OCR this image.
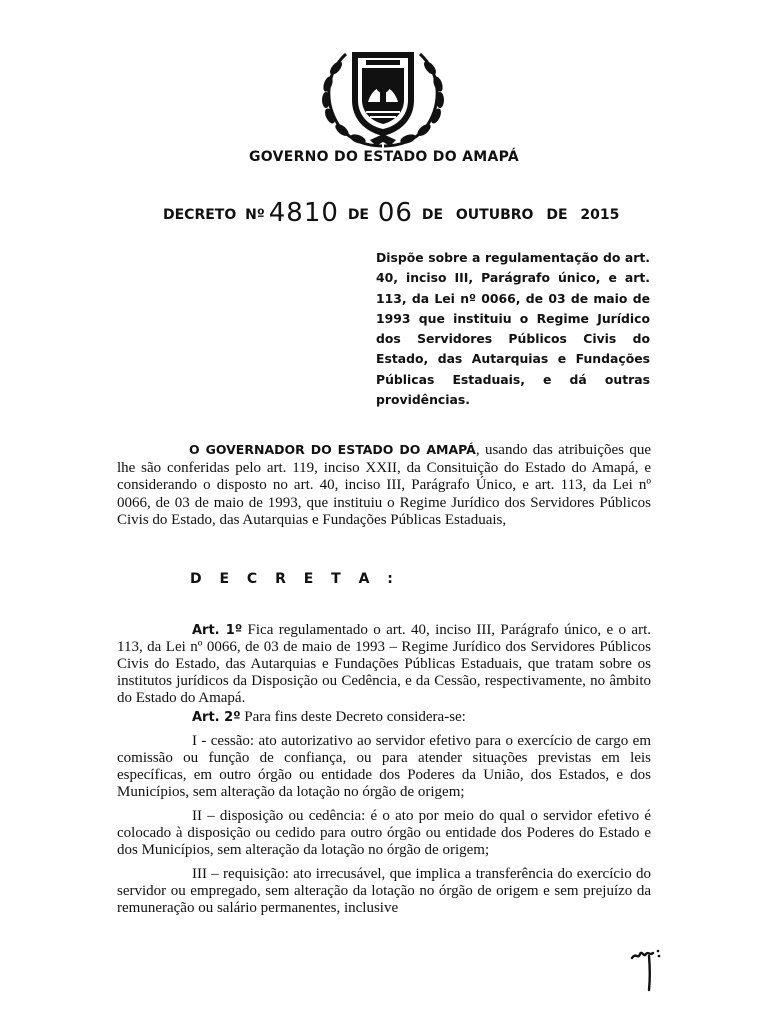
GOVERNO DO ESTADO DO AMAPÁ
DECRETO Nº 4810 DE 06 DE OUTUBRO DE 2015
Dispõe sobre a regulamentação do art. 40, inciso III, Parágrafo único, e art. 113, da Lei nº 0066, de 03 de maio de 1993 que instituiu o Regime Jurídico dos Servidores Públicos Civis do Estado, das Autarquias e Fundações Públicas Estaduais, e dá outras providências.
O GOVERNADOR DO ESTADO DO AMAPÁ, usando das atribuições que lhe são conferidas pelo art. 119, inciso XXII, da Consituição do Estado do Amapá, e considerando o disposto no art. 40, inciso III, Parágrafo Único, e art. 113, da Lei nº 0066, de 03 de maio de 1993, que instituiu o Regime Jurídico dos Servidores Públicos Civis do Estado, das Autarquias e Fundações Públicas Estaduais,
D E C R E T A :

Art. 1º Fica regulamentado o art. 40, inciso III, Parágrafo único, e o art. 113, da Lei nº 0066, de 03 de maio de 1993 – Regime Jurídico dos Servidores Públicos Civis do Estado, das Autarquias e Fundações Públicas Estaduais, que tratam sobre os institutos jurídicos da Disposição ou Cedência, e da Cessão, respectivamente, no âmbito do Estado do Amapá.

Art. 2º Para fins deste Decreto considera-se:

I - cessão: ato autorizativo ao servidor efetivo para o exercício de cargo em comissão ou função de confiança, ou para atender situações previstas em leis específicas, em outro órgão ou entidade dos Poderes da União, dos Estados, e dos Municípios, sem alteração da lotação no órgão de origem;

II – disposição ou cedência: é o ato por meio do qual o servidor efetivo é colocado à disposição ou cedido para outro órgão ou entidade dos Poderes do Estado e dos Municípios, sem alteração da lotação no órgão de origem;

III – requisição: ato irrecusável, que implica a transferência do exercício do servidor ou empregado, sem alteração da lotação no órgão de origem e sem prejuízo da remuneração ou salário permanentes, inclusive
